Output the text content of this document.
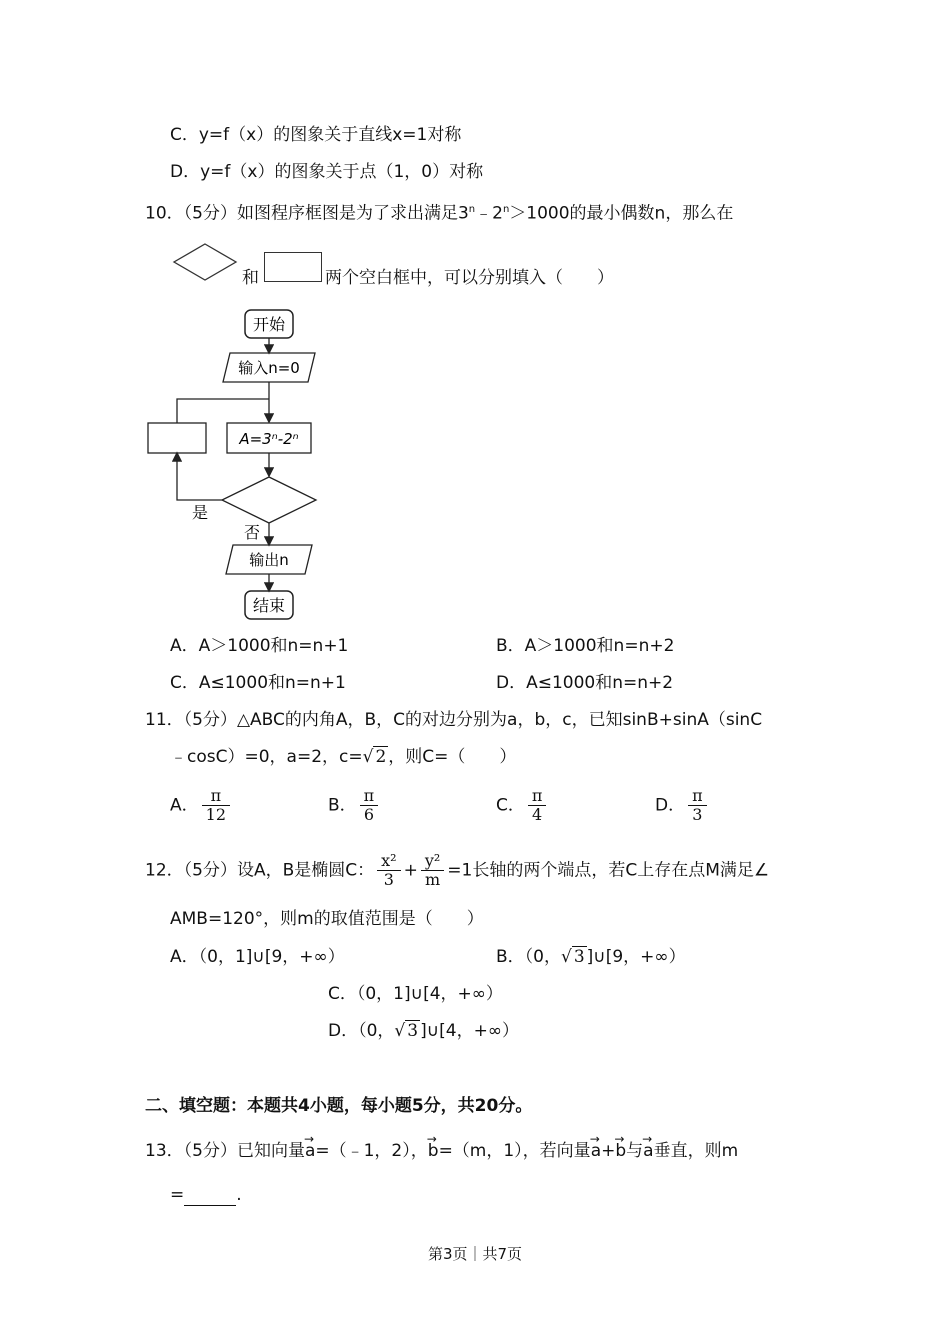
C．y=f（x）的图象关于直线x=1对称
D．y=f（x）的图象关于点（1，0）对称
10．（5分）如图程序框图是为了求出满足$3^n﹣2^n>1000$的最小偶数n，那么在
和	两个空白框中，可以分别填入（　　）
开始
输入n=0
A=3ⁿ-2ⁿ
是
否
输出n
结束
A．A＞1000和n=n+1	B．A＞1000和n=n+2
C．A≤1000和n=n+1	D．A≤1000和n=n+2
11．（5分）△ABC的内角A，B，C的对边分别为a，b，c，已知sinB+sinA（sinC
﹣cosC）=0，a=2，c=√ 2 ，则C=（　　）
A． $\frac{\pi}{12}$	B． $\frac{\pi}{6}$	C． $\frac{\pi}{4}$	D． $\frac{\pi}{3}$
12．（5分）设A，B是椭圆C： $\frac{\text{x²}}{3} + \frac{\text{y²}}{m} =1$长轴的两个端点，若C上存在点M满足∠
AMB=120°，则m的取值范围是（　　）
A．（0，1]∪[9，+∞）	B．（0，√ 3 ]∪[9，+∞）
C．（0，1]∪[4，+∞）
D．（0，√ 3 ]∪[4，+∞）
二、填空题：本题共4小题，每小题5分，共20分。
13．（5分）已知向量→ a=（﹣1，2），→ b=（m，1），若向量→ a+→ b与→ a垂直，则m
=	.
第3页｜共7页
